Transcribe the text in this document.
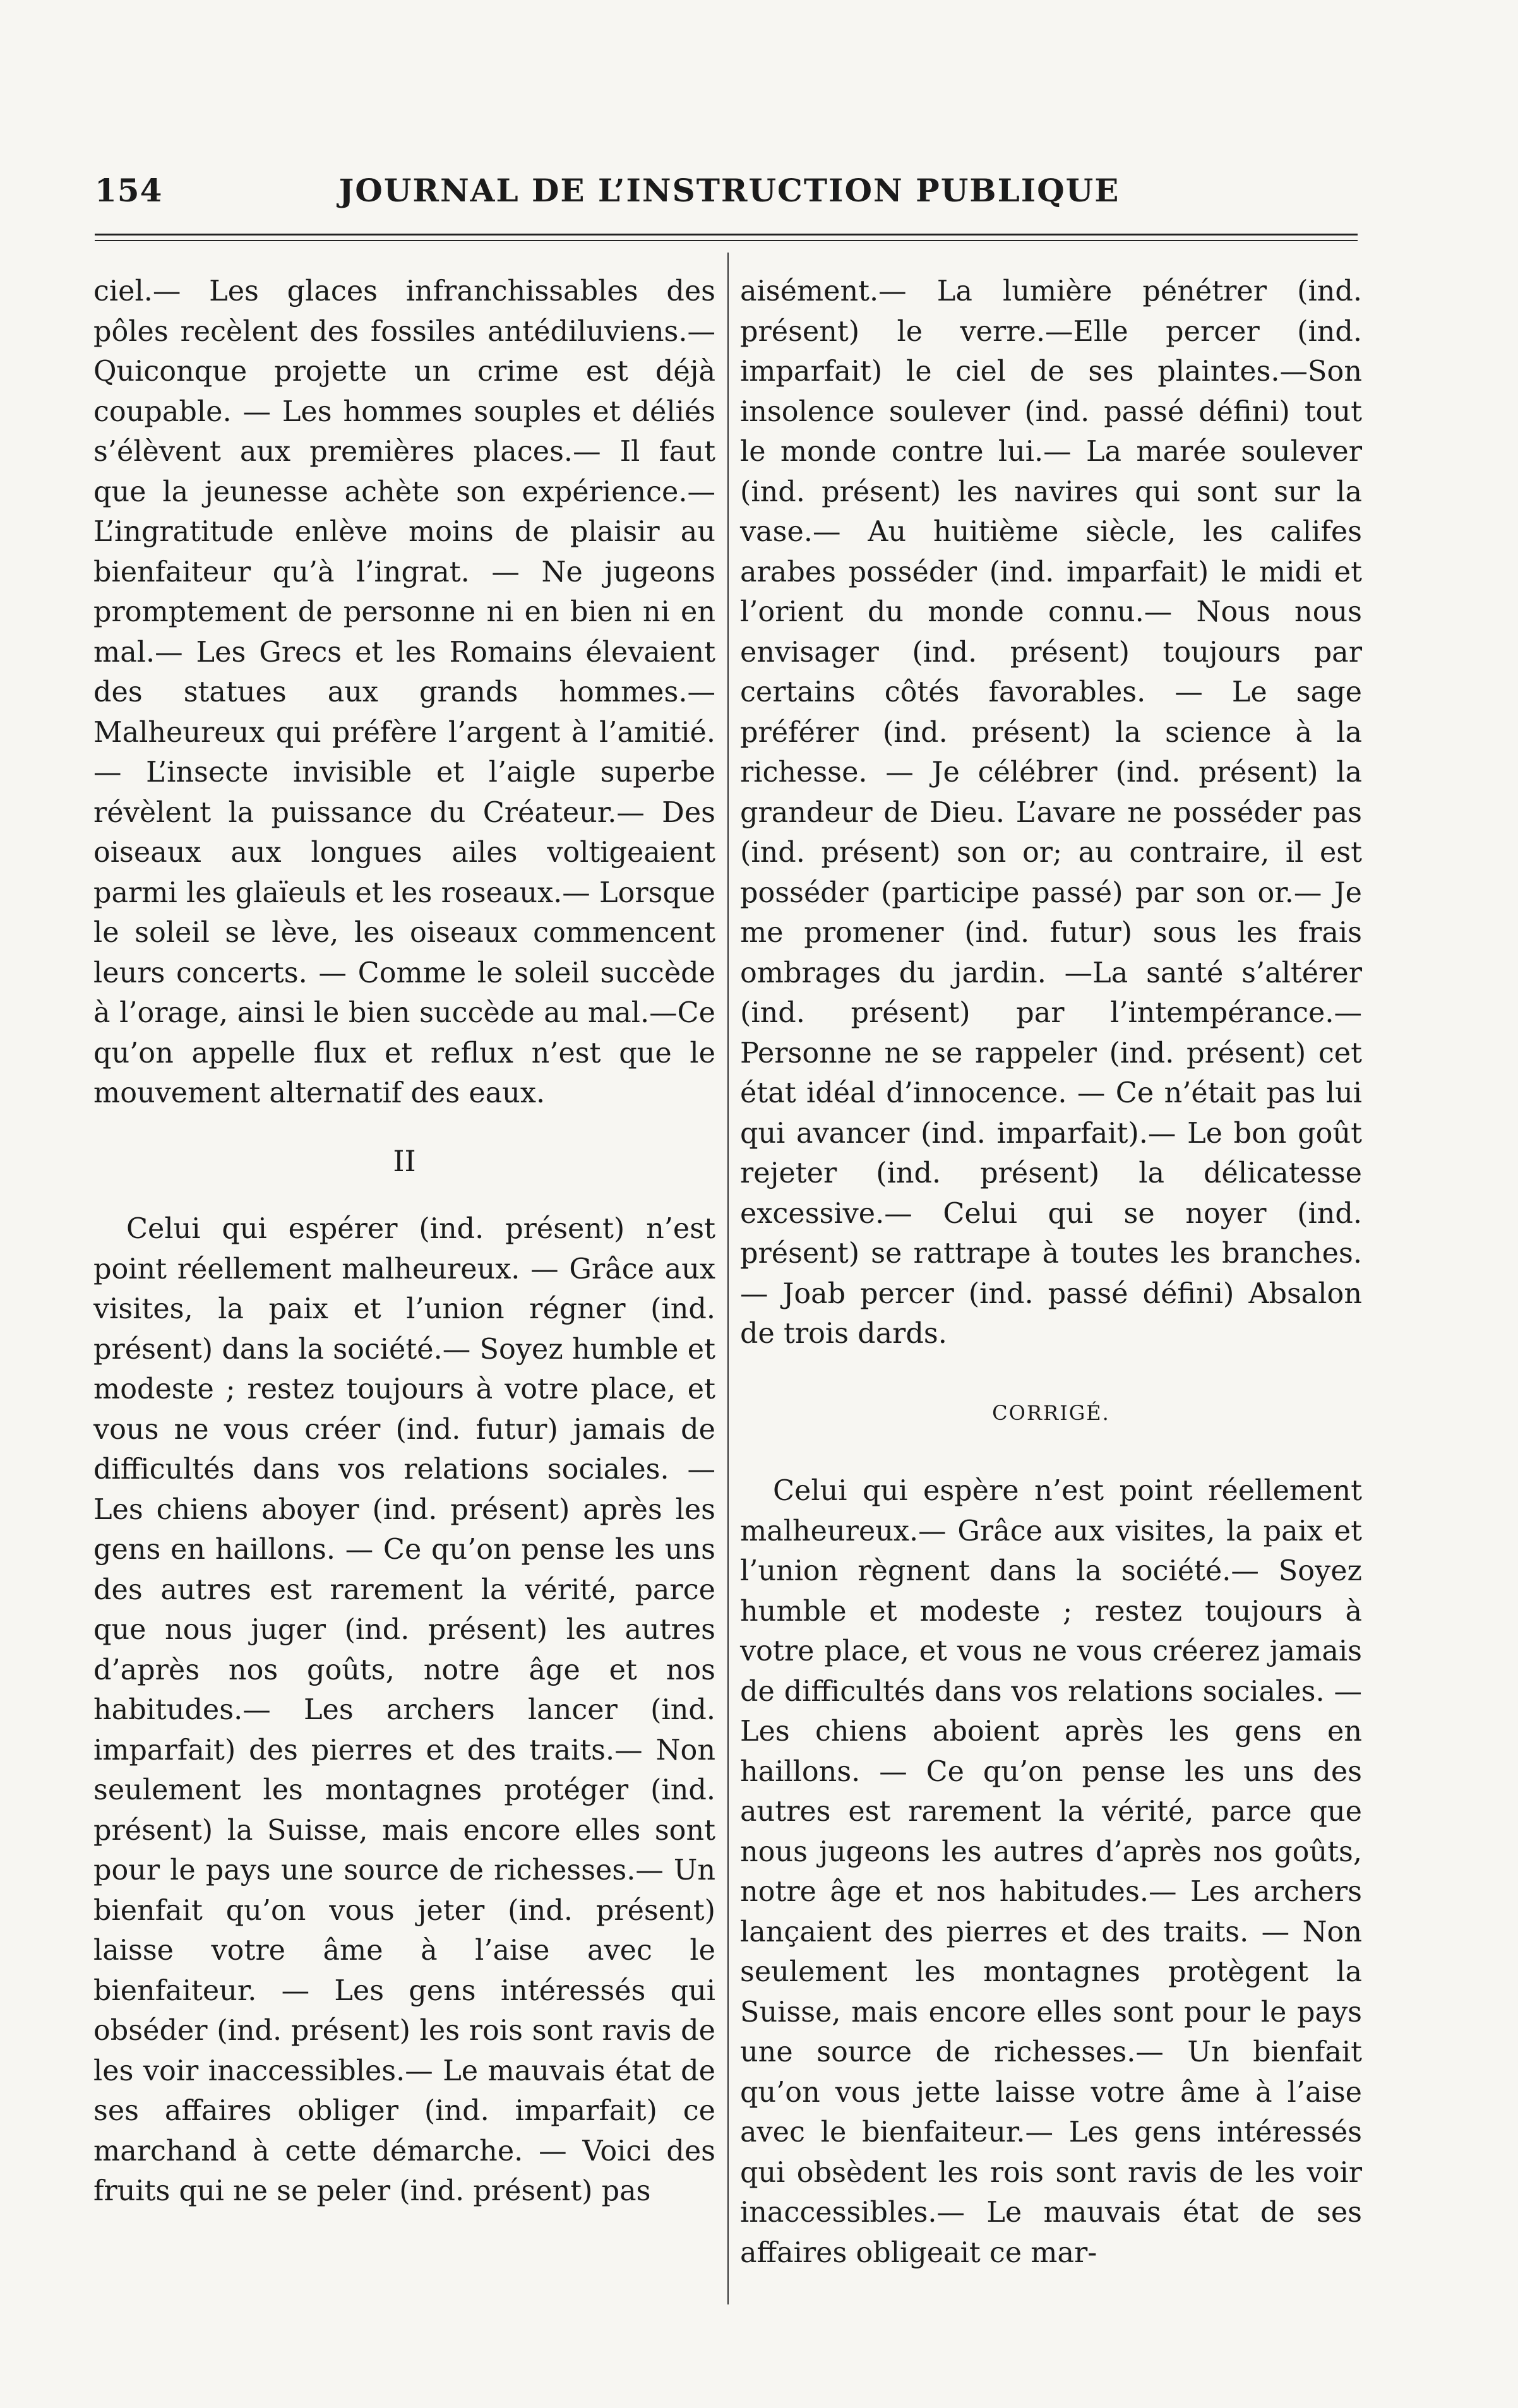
154	JOURNAL DE L’INSTRUCTION PUBLIQUE

ciel.— Les glaces infranchissables des pôles recèlent des fossiles antédiluviens.— Quiconque projette un crime est déjà coupable. — Les hommes souples et déliés s’élèvent aux premières places.— Il faut que la jeunesse achète son expérience.— L’ingratitude enlève moins de plaisir au bienfaiteur qu’à l’ingrat. — Ne jugeons promptement de personne ni en bien ni en mal.— Les Grecs et les Romains élevaient des statues aux grands hommes.— Malheureux qui préfère l’argent à l’amitié. — L’insecte invisible et l’aigle superbe révèlent la puissance du Créateur.— Des oiseaux aux longues ailes voltigeaient parmi les glaïeuls et les roseaux.— Lorsque le soleil se lève, les oiseaux commencent leurs concerts. — Comme le soleil succède à l’orage, ainsi le bien succède au mal.—Ce qu’on appelle flux et reflux n’est que le mouvement alternatif des eaux.

II

Celui qui espérer (ind. présent) n’est point réellement malheureux. — Grâce aux visites, la paix et l’union régner (ind. présent) dans la société.— Soyez humble et modeste ; restez toujours à votre place, et vous ne vous créer (ind. futur) jamais de difficultés dans vos relations sociales. — Les chiens aboyer (ind. présent) après les gens en haillons. — Ce qu’on pense les uns des autres est rarement la vérité, parce que nous juger (ind. présent) les autres d’après nos goûts, notre âge et nos habitudes.— Les archers lancer (ind. imparfait) des pierres et des traits.— Non seulement les montagnes protéger (ind. présent) la Suisse, mais encore elles sont pour le pays une source de richesses.— Un bienfait qu’on vous jeter (ind. présent) laisse votre âme à l’aise avec le bienfaiteur. — Les gens intéressés qui obséder (ind. présent) les rois sont ravis de les voir inaccessibles.— Le mauvais état de ses affaires obliger (ind. imparfait) ce marchand à cette démarche. — Voici des fruits qui ne se peler (ind. présent) pas

aisément.— La lumière pénétrer (ind. présent) le verre.—Elle percer (ind. imparfait) le ciel de ses plaintes.—Son insolence soulever (ind. passé défini) tout le monde contre lui.— La marée soulever (ind. présent) les navires qui sont sur la vase.— Au huitième siècle, les califes arabes posséder (ind. imparfait) le midi et l’orient du monde connu.— Nous nous envisager (ind. présent) toujours par certains côtés favorables. — Le sage préférer (ind. présent) la science à la richesse. — Je célébrer (ind. présent) la grandeur de Dieu. L’avare ne posséder pas (ind. présent) son or; au contraire, il est posséder (participe passé) par son or.— Je me promener (ind. futur) sous les frais ombrages du jardin. —La santé s’altérer (ind. présent) par l’intempérance.— Personne ne se rappeler (ind. présent) cet état idéal d’innocence. — Ce n’était pas lui qui avancer (ind. imparfait).— Le bon goût rejeter (ind. présent) la délicatesse excessive.— Celui qui se noyer (ind. présent) se rattrape à toutes les branches.— Joab percer (ind. passé défini) Absalon de trois dards.

CORRIGÉ.

Celui qui espère n’est point réellement malheureux.— Grâce aux visites, la paix et l’union règnent dans la société.— Soyez humble et modeste ; restez toujours à votre place, et vous ne vous créerez jamais de difficultés dans vos relations sociales. — Les chiens aboient après les gens en haillons. — Ce qu’on pense les uns des autres est rarement la vérité, parce que nous jugeons les autres d’après nos goûts, notre âge et nos habitudes.— Les archers lançaient des pierres et des traits. — Non seulement les montagnes protègent la Suisse, mais encore elles sont pour le pays une source de richesses.— Un bienfait qu’on vous jette laisse votre âme à l’aise avec le bienfaiteur.— Les gens intéressés qui obsèdent les rois sont ravis de les voir inaccessibles.— Le mauvais état de ses affaires obligeait ce mar-
